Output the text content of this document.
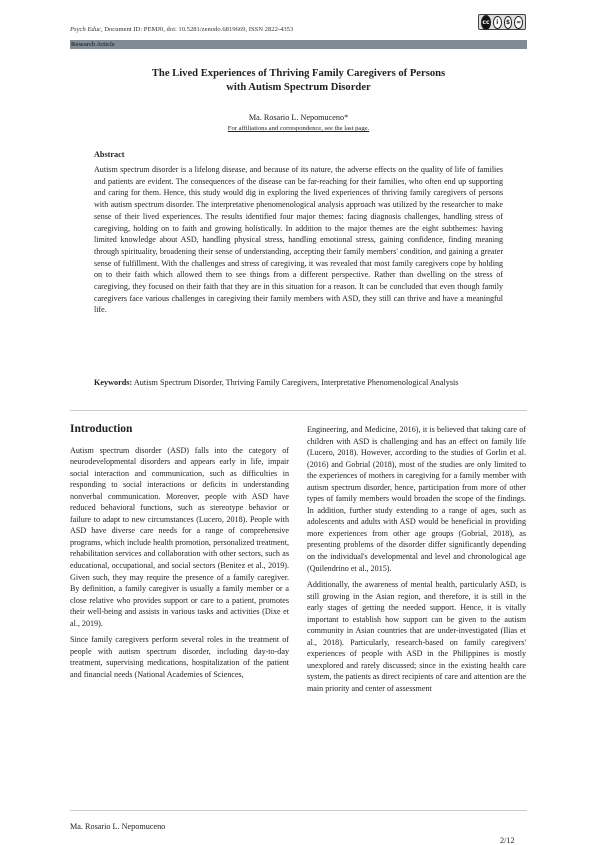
Psych Educ, Document ID: PEMJ0, doi: 10.5281/zenodo.6819669, ISSN 2822-4353
cc	i	$	=
Research Article
The Lived Experiences of Thriving Family Caregivers of Persons
with Autism Spectrum Disorder
Ma. Rosario L. Nepomuceno*
For affiliations and correspondence, see the last page.
Abstract
Autism spectrum disorder is a lifelong disease, and because of its nature, the adverse effects on the quality of life of families and patients are evident. The consequences of the disease can be far-reaching for their families, who often end up supporting and caring for them. Hence, this study would dig in exploring the lived experiences of thriving family caregivers of persons with autism spectrum disorder. The interpretative phenomenological analysis approach was utilized by the researcher to make sense of their lived experiences. The results identified four major themes: facing diagnosis challenges, handling stress of caregiving, holding on to faith and growing holistically. In addition to the major themes are the eight subthemes: having limited knowledge about ASD, handling physical stress, handling emotional stress, gaining confidence, finding meaning through spirituality, broadening their sense of understanding, accepting their family members' condition, and gaining a greater sense of fulfillment. With the challenges and stress of caregiving, it was revealed that most family caregivers cope by holding on to their faith which allowed them to see things from a different perspective. Rather than dwelling on the stress of caregiving, they focused on their faith that they are in this situation for a reason. It can be concluded that even though family caregivers face various challenges in caregiving their family members with ASD, they still can thrive and have a meaningful life.
Keywords: Autism Spectrum Disorder, Thriving Family Caregivers, Interpretative Phenomenological Analysis
Introduction

Autism spectrum disorder (ASD) falls into the category of neurodevelopmental disorders and appears early in life, impair social interaction and communication, such as difficulties in responding to social interactions or deficits in understanding nonverbal communication. Moreover, people with ASD have reduced behavioral functions, such as stereotype behavior or failure to adapt to new circumstances (Lucero, 2018). People with ASD have diverse care needs for a range of comprehensive programs, which include health promotion, personalized treatment, rehabilitation services and collaboration with other sectors, such as educational, occupational, and social sectors (Benitez et al., 2019). Given such, they may require the presence of a family caregiver. By definition, a family caregiver is usually a family member or a close relative who provides support or care to a patient, promotes their well-being and assists in various tasks and activities (Dixe et al., 2019).

Since family caregivers perform several roles in the treatment of people with autism spectrum disorder, including day-to-day treatment, supervising medications, hospitalization of the patient and financial needs (National Academies of Sciences,

Engineering, and Medicine, 2016), it is believed that taking care of children with ASD is challenging and has an effect on family life (Lucero, 2018). However, according to the studies of Gorlin et al. (2016) and Gobrial (2018), most of the studies are only limited to the experiences of mothers in caregiving for a family member with autism spectrum disorder, hence, participation from more of other types of family members would broaden the scope of the findings. In addition, further study extending to a range of ages, such as adolescents and adults with ASD would be beneficial in providing more experiences from other age groups (Gobrial, 2018), as presenting problems of the disorder differ significantly depending on the individual's developmental and level and chronological age (Quilendrino et al., 2015).

Additionally, the awareness of mental health, particularly ASD, is still growing in the Asian region, and therefore, it is still in the early stages of getting the needed support. Hence, it is vitally important to establish how support can be given to the autism community in Asian countries that are under-investigated (Ilias et al., 2018). Particularly, research-based on family caregivers' experiences of people with ASD in the Philippines is mostly unexplored and rarely discussed; since in the existing health care system, the patients as direct recipients of care and attention are the main priority and center of assessment

Ma. Rosario L. Nepomuceno
2/12
